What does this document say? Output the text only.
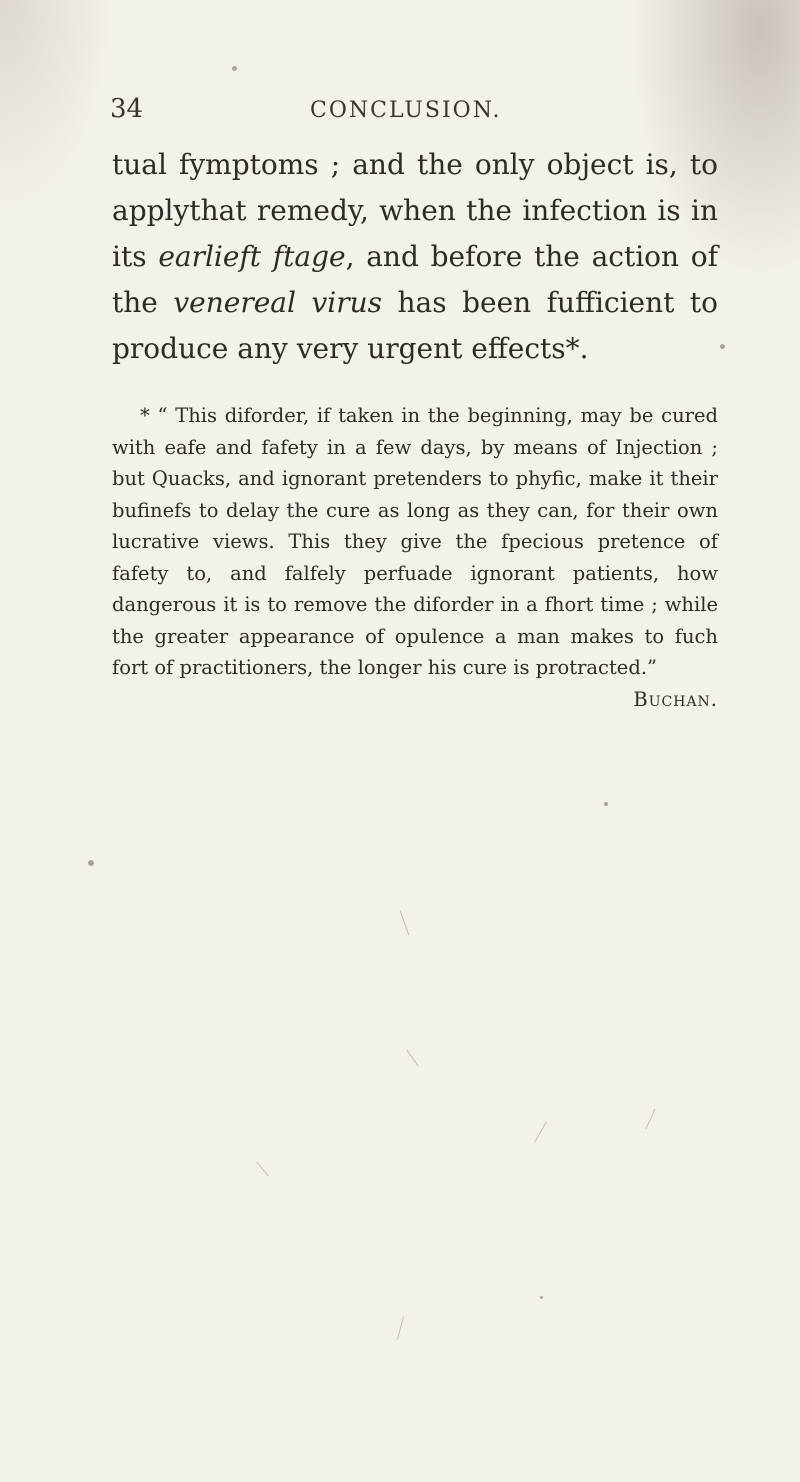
34	CONCLUSION.

tual fymptoms ; and the only object is, to applythat remedy, when the infection is in its earlieft ftage, and before the action of the venereal virus has been fufficient to produce any very urgent effects*.

* “ This diforder, if taken in the beginning, may be cured with eafe and fafety in a few days, by means of Injection ; but Quacks, and ignorant pretenders to phyfic, make it their bufinefs to delay the cure as long as they can, for their own lucrative views. This they give the fpecious pretence of fafety to, and falfely perfuade ignorant patients, how dangerous it is to remove the diforder in a fhort time ; while the greater appearance of opulence a man makes to fuch fort of practitioners, the longer his cure is protracted.”
Buchan.
